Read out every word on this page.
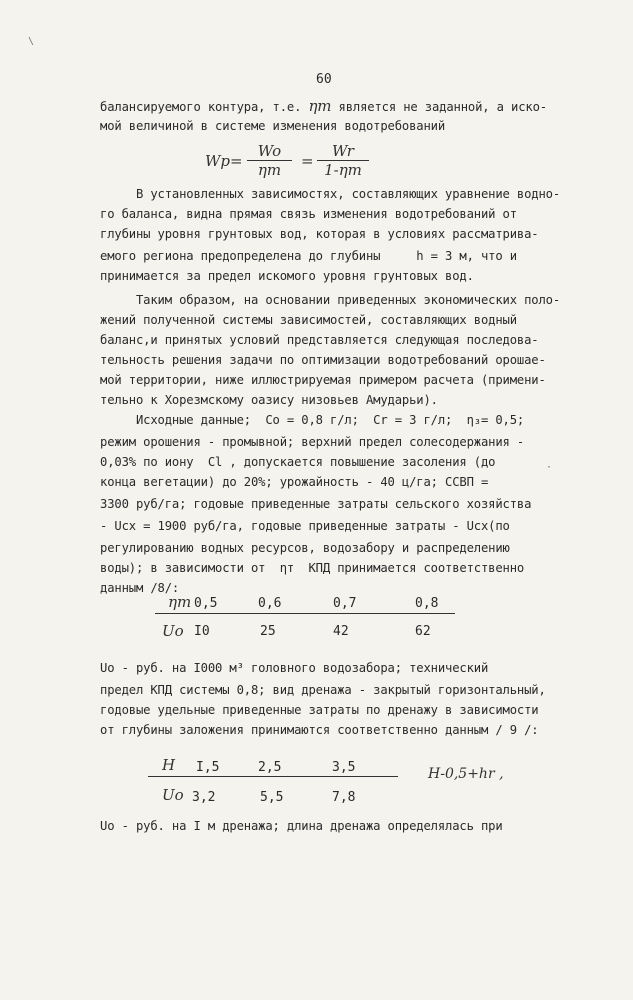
60
балансируемого контура, т.е. ηт является не заданной, а иско-
мой величиной в системе изменения водотребований
Wр=
Wo
ηт	=
Wr
1-ηт
В установленных зависимостях, составляющих уравнение водно-
го баланса, видна прямая связь изменения водотребований от
глубины уровня грунтовых вод, которая в условиях рассматрива-
емого региона предопределена до глубины     h = 3 м, что и
принимается за предел искомого уровня грунтовых вод.
Таким образом, на основании приведенных экономических поло-
жений полученной системы зависимостей, составляющих водный
баланс,и принятых условий представляется следующая последова-
тельность решения задачи по оптимизации водотребований орошае-
мой территории, ниже иллюстрируемая примером расчета (примени-
тельно к Хорезмскому оазису низовьев Амударьи).
Исходные данные;  Co = 0,8 г/л;  Cr = 3 г/л;  η₃= 0,5;
режим орошения - промывной; верхний предел солесодержания -
0,03% по иону  Cl , допускается повышение засоления (до
конца вегетации) до 20%; урожайность - 40 ц/га; ССВП =
3300 руб/га; годовые приведенные затраты сельского хозяйства
- Uсх = 1900 руб/га, годовые приведенные затраты - Uсх(по
регулированию водных ресурсов, водозабору и распределению
воды); в зависимости от  ηт  КПД принимается соответственно
данным /8/:
ηт 0,5	0,6	0,7	0,8
Uo I0	25	42	62
Uo - руб. на I000 м³ головного водозабора; технический
предел КПД системы 0,8; вид дренажа - закрытый горизонтальный,
годовые удельные приведенные затраты по дренажу в зависимости
от глубины заложения принимаются соответственно данным / 9 /:
H I,5	2,5	3,5	H-0,5+hr ,
Uo 3,2	5,5	7,8
Uo - руб. на I м дренажа; длина дренажа определялась при
\
·
